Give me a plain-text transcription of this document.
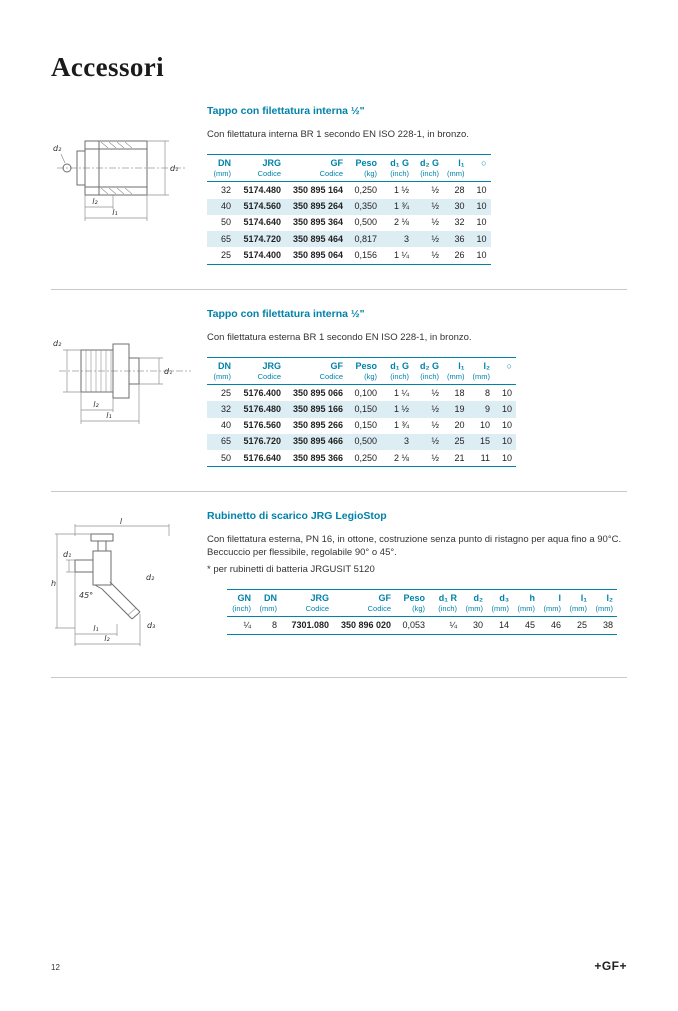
Accessori
d₂
d₁
l₂
l₁
Tappo con filettatura interna ½"

Con filettatura interna BR 1 secondo EN ISO 228-1, in bronzo.

DN	JRG	GF	Peso	d₁ G	d₂ G	l₁	○
(mm)	Codice	Codice	(kg)	(inch)	(inch)	(mm)	
32	5174.480	350 895 164	0,250	1 ½	½	28	10
40	5174.560	350 895 264	0,350	1 ¾	½	30	10
50	5174.640	350 895 364	0,500	2 ⅛	½	32	10
65	5174.720	350 895 464	0,817	3	½	36	10
25	5174.400	350 895 064	0,156	1 ¼	½	26	10
d₂
d₁
l₂
l₁
Tappo con filettatura interna ½"

Con filettatura esterna BR 1 secondo EN ISO 228-1, in bronzo.

DN	JRG	GF	Peso	d₁ G	d₂ G	l₁	l₂	○
(mm)	Codice	Codice	(kg)	(inch)	(inch)	(mm)	(mm)	
25	5176.400	350 895 066	0,100	1 ¼	½	18	8	10
32	5176.480	350 895 166	0,150	1 ½	½	19	9	10
40	5176.560	350 895 266	0,150	1 ¾	½	20	10	10
65	5176.720	350 895 466	0,500	3	½	25	15	10
50	5176.640	350 895 366	0,250	2 ⅛	½	21	11	10
l
d₁
h
45°
d₂
d₃
l₁
l₂
Rubinetto di scarico JRG LegioStop

Con filettatura esterna, PN 16, in ottone, costruzione senza punto di ristagno per aqua fino a 90°C. Beccuccio per flessibile, regolabile 90° o 45°.

* per rubinetti di batteria JRGUSIT 5120

GN	DN	JRG	GF	Peso	d₁ R	d₂	d₃	h	l	l₁	l₂
(inch)	(mm)	Codice	Codice	(kg)	(inch)	(mm)	(mm)	(mm)	(mm)	(mm)	(mm)
¼	8	7301.080	350 896 020	0,053	¼	30	14	45	46	25	38
12	+GF+
